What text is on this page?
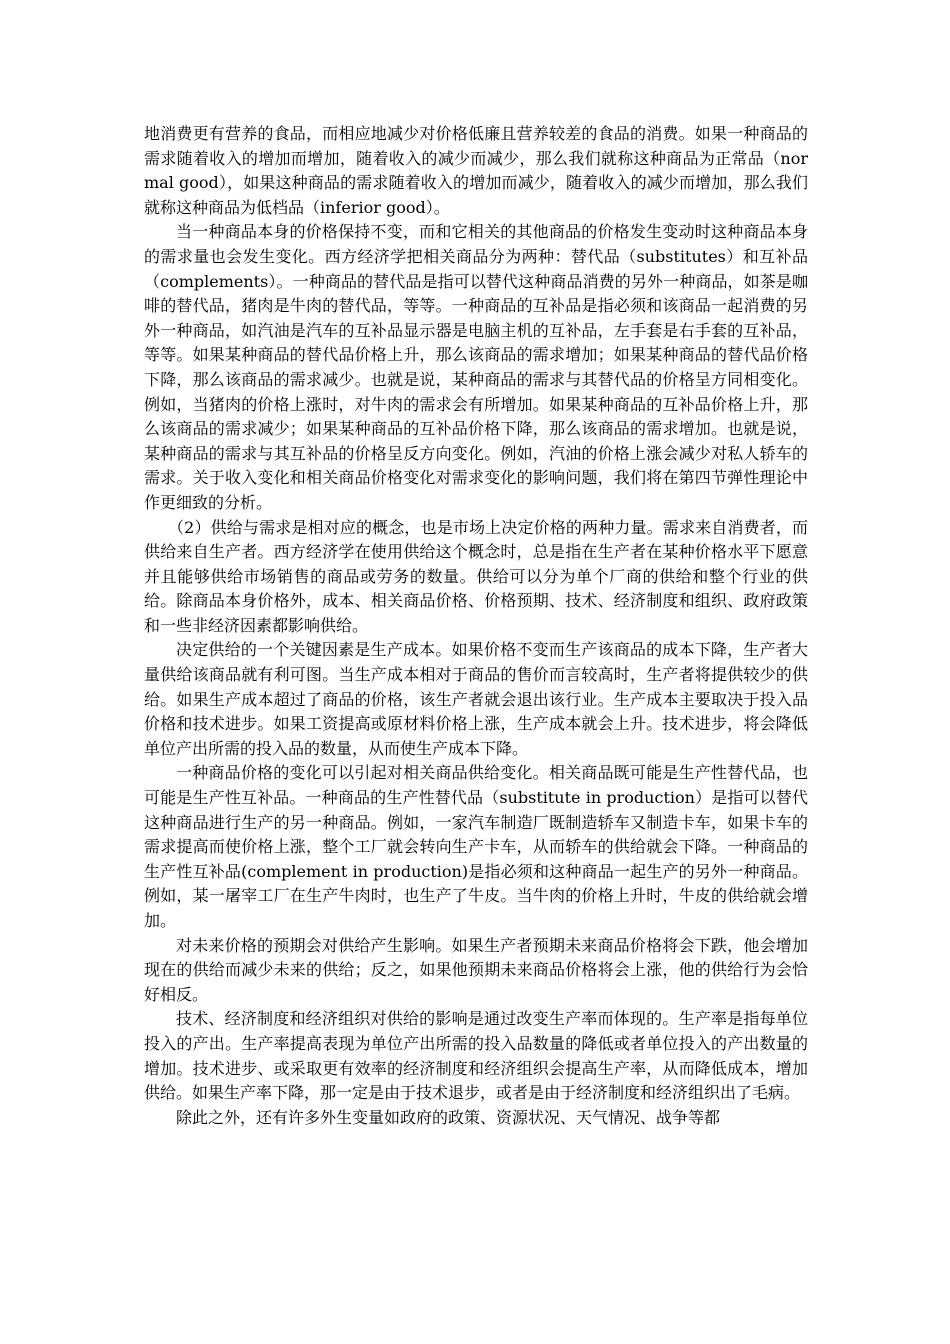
地消费更有营养的食品，而相应地减少对价格低廉且营养较差的食品的消费。如果一种商品的需求随着收入的增加而增加，随着收入的减少而减少，那么我们就称这种商品为正常品（normal good），如果这种商品的需求随着收入的增加而减少，随着收入的减少而增加，那么我们就称这种商品为低档品（inferior good）。

当一种商品本身的价格保持不变，而和它相关的其他商品的价格发生变动时这种商品本身的需求量也会发生变化。西方经济学把相关商品分为两种：替代品（substitutes）和互补品（complements）。一种商品的替代品是指可以替代这种商品消费的另外一种商品，如茶是咖啡的替代品，猪肉是牛肉的替代品，等等。一种商品的互补品是指必须和该商品一起消费的另外一种商品，如汽油是汽车的互补品显示器是电脑主机的互补品，左手套是右手套的互补品，等等。如果某种商品的替代品价格上升，那么该商品的需求增加；如果某种商品的替代品价格下降，那么该商品的需求减少。也就是说，某种商品的需求与其替代品的价格呈方同相变化。例如，当猪肉的价格上涨时，对牛肉的需求会有所增加。如果某种商品的互补品价格上升，那么该商品的需求减少；如果某种商品的互补品价格下降，那么该商品的需求增加。也就是说，某种商品的需求与其互补品的价格呈反方向变化。例如，汽油的价格上涨会减少对私人轿车的需求。关于收入变化和相关商品价格变化对需求变化的影响问题，我们将在第四节弹性理论中作更细致的分析。

（2）供给与需求是相对应的概念，也是市场上决定价格的两种力量。需求来自消费者，而供给来自生产者。西方经济学在使用供给这个概念时，总是指在生产者在某种价格水平下愿意并且能够供给市场销售的商品或劳务的数量。供给可以分为单个厂商的供给和整个行业的供给。除商品本身价格外，成本、相关商品价格、价格预期、技术、经济制度和组织、政府政策和一些非经济因素都影响供给。

决定供给的一个关键因素是生产成本。如果价格不变而生产该商品的成本下降，生产者大量供给该商品就有利可图。当生产成本相对于商品的售价而言较高时，生产者将提供较少的供给。如果生产成本超过了商品的价格，该生产者就会退出该行业。生产成本主要取决于投入品价格和技术进步。如果工资提高或原材料价格上涨，生产成本就会上升。技术进步，将会降低单位产出所需的投入品的数量，从而使生产成本下降。

一种商品价格的变化可以引起对相关商品供给变化。相关商品既可能是生产性替代品，也可能是生产性互补品。一种商品的生产性替代品（substitute in production）是指可以替代这种商品进行生产的另一种商品。例如，一家汽车制造厂既制造轿车又制造卡车，如果卡车的需求提高而使价格上涨，整个工厂就会转向生产卡车，从而轿车的供给就会下降。一种商品的生产性互补品(complement in production)是指必须和这种商品一起生产的另外一种商品。例如，某一屠宰工厂在生产牛肉时，也生产了牛皮。当牛肉的价格上升时，牛皮的供给就会增加。

对未来价格的预期会对供给产生影响。如果生产者预期未来商品价格将会下跌，他会增加现在的供给而减少未来的供给；反之，如果他预期未来商品价格将会上涨，他的供给行为会恰好相反。

技术、经济制度和经济组织对供给的影响是通过改变生产率而体现的。生产率是指每单位投入的产出。生产率提高表现为单位产出所需的投入品数量的降低或者单位投入的产出数量的增加。技术进步、或采取更有效率的经济制度和经济组织会提高生产率，从而降低成本，增加供给。如果生产率下降，那一定是由于技术退步，或者是由于经济制度和经济组织出了毛病。

除此之外，还有许多外生变量如政府的政策、资源状况、天气情况、战争等都
